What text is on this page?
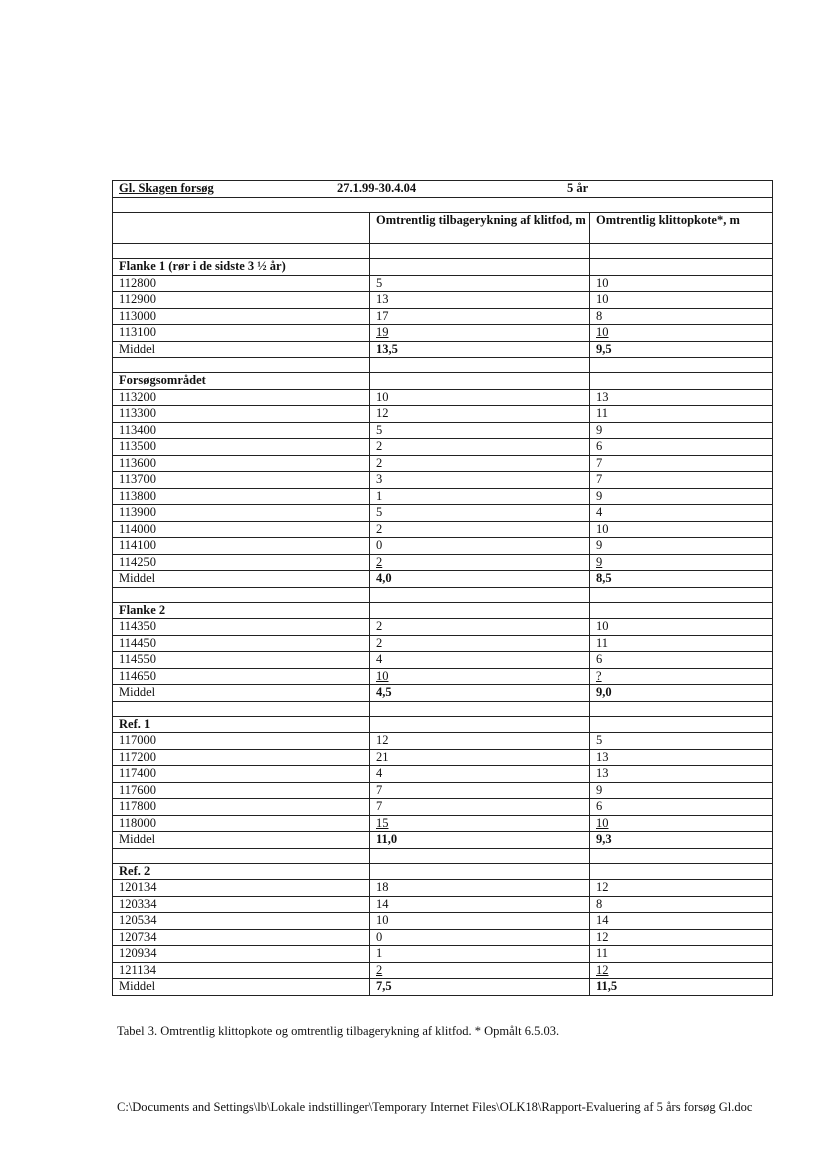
Gl. Skagen forsøg 27.1.99-30.4.04 5 år		

	Omtrentlig tilbagerykning af klitfod, m	Omtrentlig klittopkote*, m

Flanke 1 (rør i de sidste 3 ½ år)		
112800	5	10
112900	13	10
113000	17	8
113100	19	10
Middel	13,5	9,5

Forsøgsområdet		
113200	10	13
113300	12	11
113400	5	9
113500	2	6
113600	2	7
113700	3	7
113800	1	9
113900	5	4
114000	2	10
114100	0	9
114250	2	9
Middel	4,0	8,5

Flanke 2		
114350	2	10
114450	2	11
114550	4	6
114650	10	?
Middel	4,5	9,0

Ref. 1		
117000	12	5
117200	21	13
117400	4	13
117600	7	9
117800	7	6
118000	15	10
Middel	11,0	9,3

Ref. 2		
120134	18	12
120334	14	8
120534	10	14
120734	0	12
120934	1	11
121134	2	12
Middel	7,5	11,5
Tabel 3. Omtrentlig klittopkote og omtrentlig tilbagerykning af klitfod. * Opmålt 6.5.03.
C:\Documents and Settings\lb\Lokale indstillinger\Temporary Internet Files\OLK18\Rapport-Evaluering af 5 års forsøg Gl.doc
